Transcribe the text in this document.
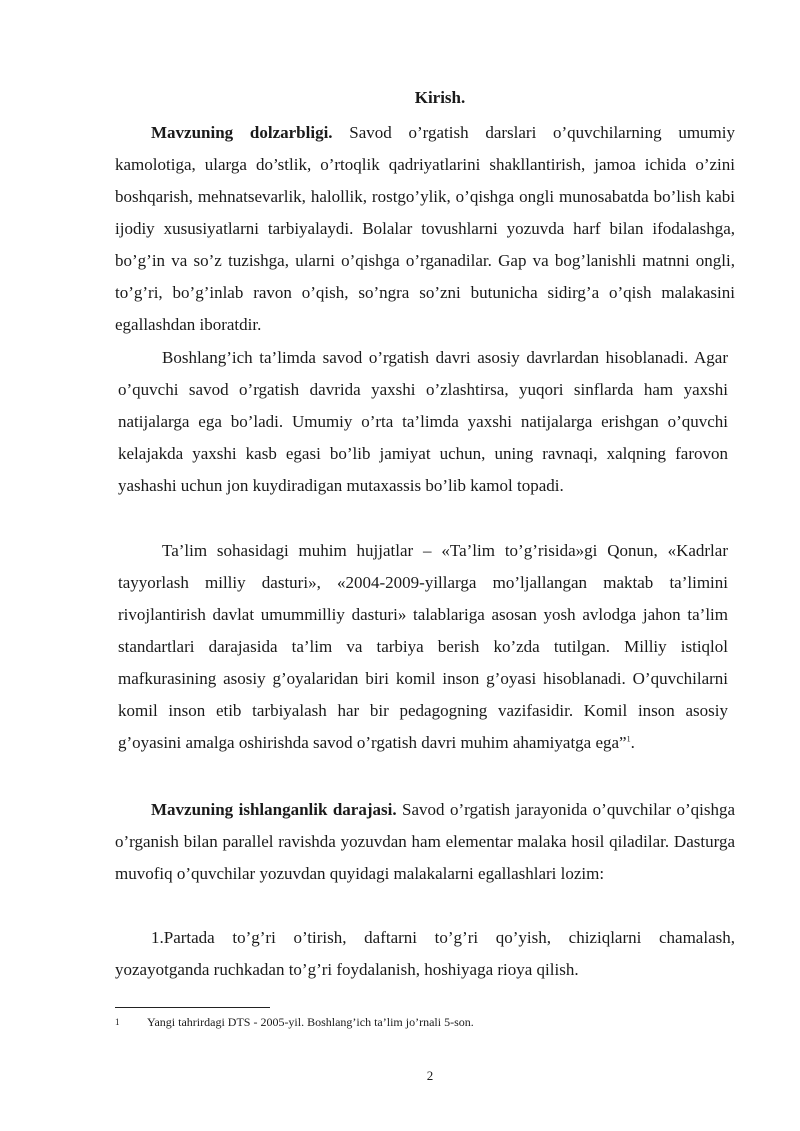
Kirish.

Mavzuning dolzarbligi. Savod o’rgatish darslari o’quvchilarning umumiy kamolotiga, ularga do’stlik, o’rtoqlik qadriyatlarini shakllantirish, jamoa ichida o’zini boshqarish, mehnatsevarlik, halollik, rostgo’ylik, o’qishga ongli munosabatda bo’lish kabi ijodiy xususiyatlarni tarbiyalaydi. Bolalar tovushlarni yozuvda harf bilan ifodalashga, bo’g’in va so’z tuzishga, ularni o’qishga o’rganadilar. Gap va bog’lanishli matnni ongli, to’g’ri, bo’g’inlab ravon o’qish, so’ngra so’zni butunicha sidirg’a o’qish malakasini egallashdan iboratdir.

Boshlang’ich ta’limda savod o’rgatish davri asosiy davrlardan hisoblanadi. Agar o’quvchi savod o’rgatish davrida yaxshi o’zlashtirsa, yuqori sinflarda ham yaxshi natijalarga ega bo’ladi. Umumiy o’rta ta’limda yaxshi natijalarga erishgan o’quvchi kelajakda yaxshi kasb egasi bo’lib jamiyat uchun, uning ravnaqi, xalqning farovon yashashi uchun jon kuydiradigan mutaxassis bo’lib kamol topadi.

Ta’lim sohasidagi muhim hujjatlar – «Ta’lim to’g’risida»gi Qonun, «Kadrlar tayyorlash milliy dasturi», «2004-2009-yillarga mo’ljallangan maktab ta’limini rivojlantirish davlat umummilliy dasturi» talablariga asosan yosh avlodga jahon ta’lim standartlari darajasida ta’lim va tarbiya berish ko’zda tutilgan. Milliy istiqlol mafkurasining asosiy g’oyalaridan biri komil inson g’oyasi hisoblanadi. O’quvchilarni komil inson etib tarbiyalash har bir pedagogning vazifasidir. Komil inson asosiy g’oyasini amalga oshirishda savod o’rgatish davri muhim ahamiyatga ega”$^1$.

Mavzuning ishlanganlik darajasi. Savod o’rgatish jarayonida o’quvchilar o’qishga o’rganish bilan parallel ravishda yozuvdan ham elementar malaka hosil qiladilar. Dasturga muvofiq o’quvchilar yozuvdan quyidagi malakalarni egallashlari lozim:

1.Partada to’g’ri o’tirish, daftarni to’g’ri qo’yish, chiziqlarni chamalash, yozayotganda ruchkadan to’g’ri foydalanish, hoshiyaga rioya qilish.

1 Yangi tahrirdagi DTS - 2005-yil. Boshlang’ich ta’lim jo’rnali 5-son.
2
